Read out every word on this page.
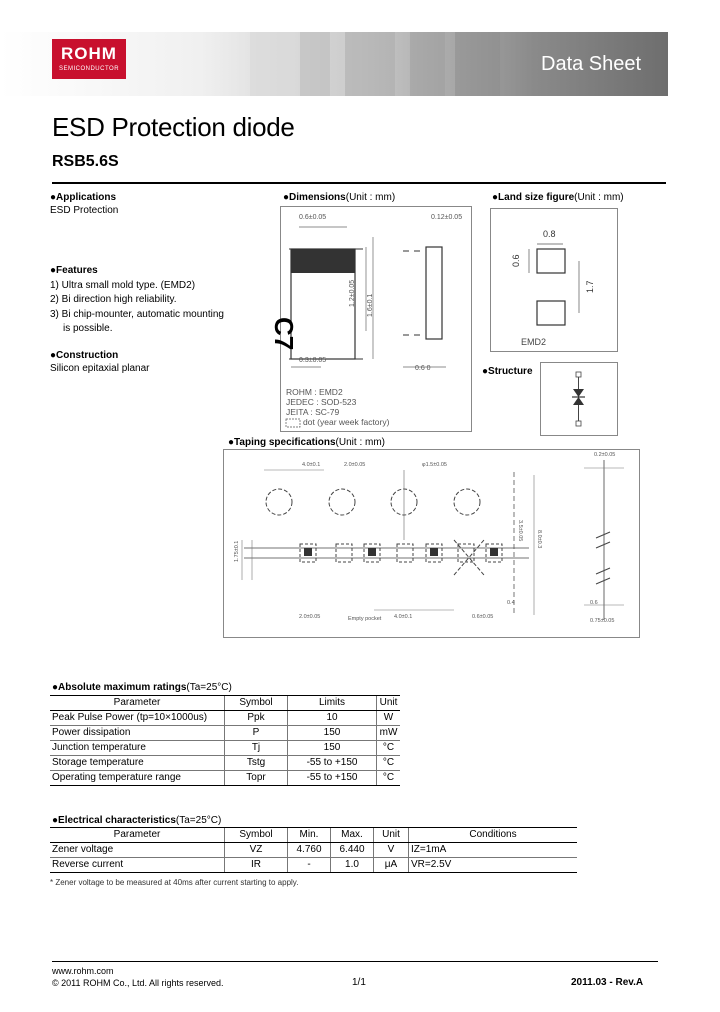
ROHM
SEMICONDUCTOR	Data Sheet
ESD Protection diode
RSB5.6S
●Applications
ESD Protection
●Features
1) Ultra small mold type. (EMD2)
2) Bi direction high reliability.
3) Bi chip-mounter, automatic mounting
is possible.
●Construction
Silicon epitaxial planar
●Dimensions(Unit : mm)
0.6±0.05	0.12±0.05
1.2±0.05 1.6±0.1
0.3±0.05
0.6 0
C7
ROHM : EMD2
JEDEC : SOD-523
JEITA : SC-79
dot (year week factory)
●Land size figure(Unit : mm)
0.8
0.6
1.7
EMD2
●Structure
●Taping specifications(Unit : mm)
4.0±0.1	2.0±0.05	φ1.5±0.05
0.2±0.05
8.0±0.3
3.5±0.05
1.75±0.1
2.0±0.05	4.0±0.1
Empty pocket	0.6±0.05
0.75±0.05
0.4	0.6
●Absolute maximum ratings(Ta=25°C)
Parameter	Symbol	Limits	Unit
Peak Pulse Power (tp=10×1000us)	Ppk	10	W
Power dissipation	P	150	mW
Junction temperature	Tj	150	°C
Storage temperature	Tstg	-55 to +150	°C
Operating temperature range	Topr	-55 to +150	°C
●Electrical characteristics(Ta=25°C)
Parameter	Symbol	Min.	Max.	Unit	Conditions
Zener voltage	VZ	4.760	6.440	V	IZ=1mA
Reverse current	IR	-	1.0	μA	VR=2.5V
* Zener voltage to be measured at 40ms after current starting to apply.
www.rohm.com
© 2011 ROHM Co., Ltd. All rights reserved.	1/1	2011.03 - Rev.A
